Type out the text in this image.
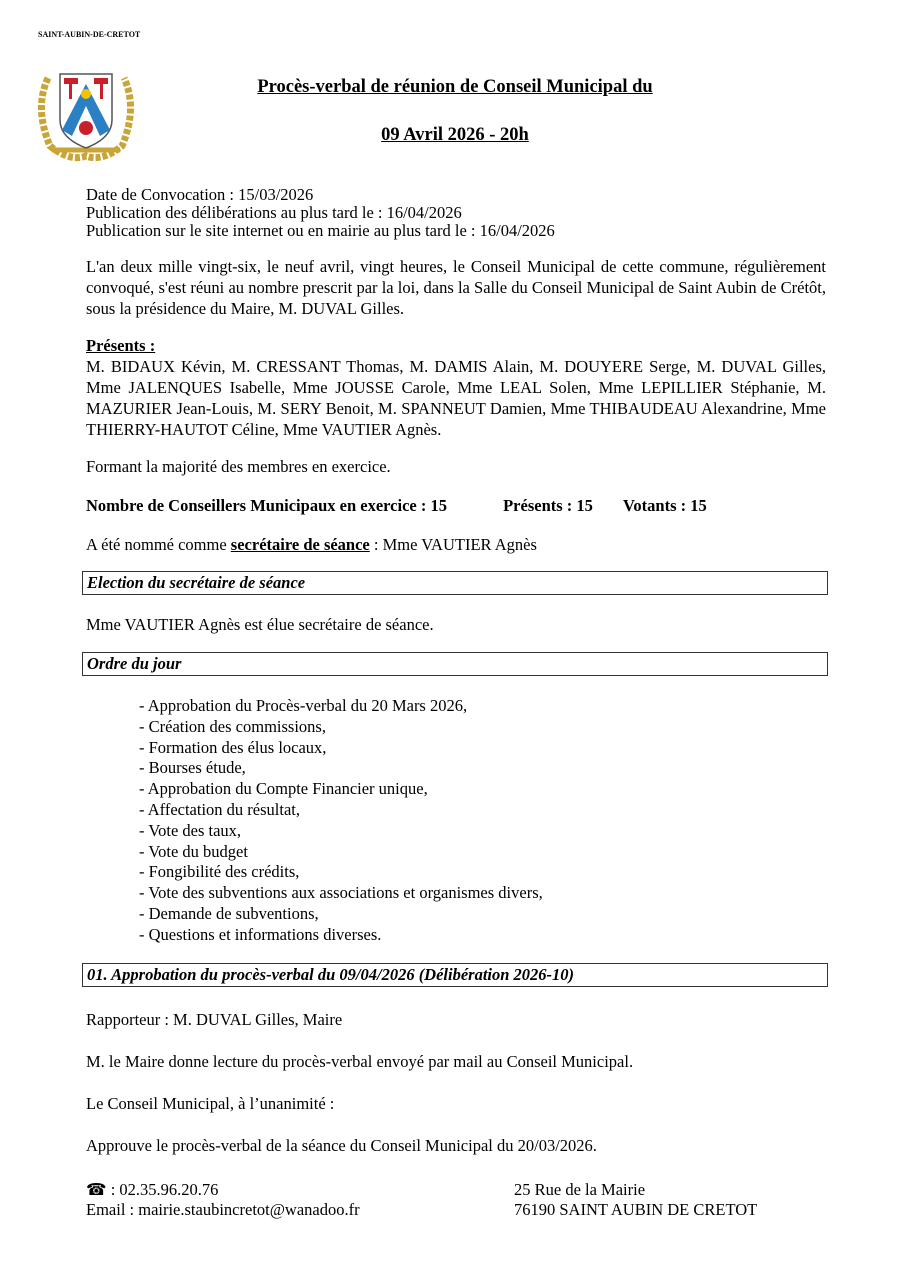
SAINT-AUBIN-DE-CRETOT
Procès-verbal de réunion de Conseil Municipal du
09 Avril 2026 - 20h
Date de Convocation : 15/03/2026
Publication des délibérations au plus tard le : 16/04/2026
Publication sur le site internet ou en mairie au plus tard le : 16/04/2026
L'an deux mille vingt-six, le neuf avril, vingt heures, le Conseil Municipal de cette commune, régulièrement convoqué, s'est réuni au nombre prescrit par la loi, dans la Salle du Conseil Municipal de Saint Aubin de Crétôt, sous la présidence du Maire, M. DUVAL Gilles.
Présents :
M. BIDAUX Kévin, M. CRESSANT Thomas, M. DAMIS Alain, M. DOUYERE Serge, M. DUVAL Gilles, Mme JALENQUES Isabelle, Mme JOUSSE Carole, Mme LEAL Solen, Mme LEPILLIER Stéphanie, M. MAZURIER Jean-Louis, M. SERY Benoit, M. SPANNEUT Damien, Mme THIBAUDEAU Alexandrine, Mme THIERRY-HAUTOT Céline, Mme VAUTIER Agnès.
Formant la majorité des membres en exercice.
Nombre de Conseillers Municipaux en exercice : 15	Présents : 15 Votants : 15
A été nommé comme secrétaire de séance : Mme VAUTIER Agnès
Election du secrétaire de séance
Mme VAUTIER Agnès est élue secrétaire de séance.
Ordre du jour
- Approbation du Procès-verbal du 20 Mars 2026,
- Création des commissions,
- Formation des élus locaux,
- Bourses étude,
- Approbation du Compte Financier unique,
- Affectation du résultat,
- Vote des taux,
- Vote du budget
- Fongibilité des crédits,
- Vote des subventions aux associations et organismes divers,
- Demande de subventions,
- Questions et informations diverses.
01. Approbation du procès-verbal du 09/04/2026 (Délibération 2026-10)
Rapporteur : M. DUVAL Gilles, Maire
M. le Maire donne lecture du procès-verbal envoyé par mail au Conseil Municipal.
Le Conseil Municipal, à l’unanimité :
Approuve le procès-verbal de la séance du Conseil Municipal du 20/03/2026.
☎ : 02.35.96.20.76
Email : mairie.staubincretot@wanadoo.fr
25 Rue de la Mairie
76190 SAINT AUBIN DE CRETOT
